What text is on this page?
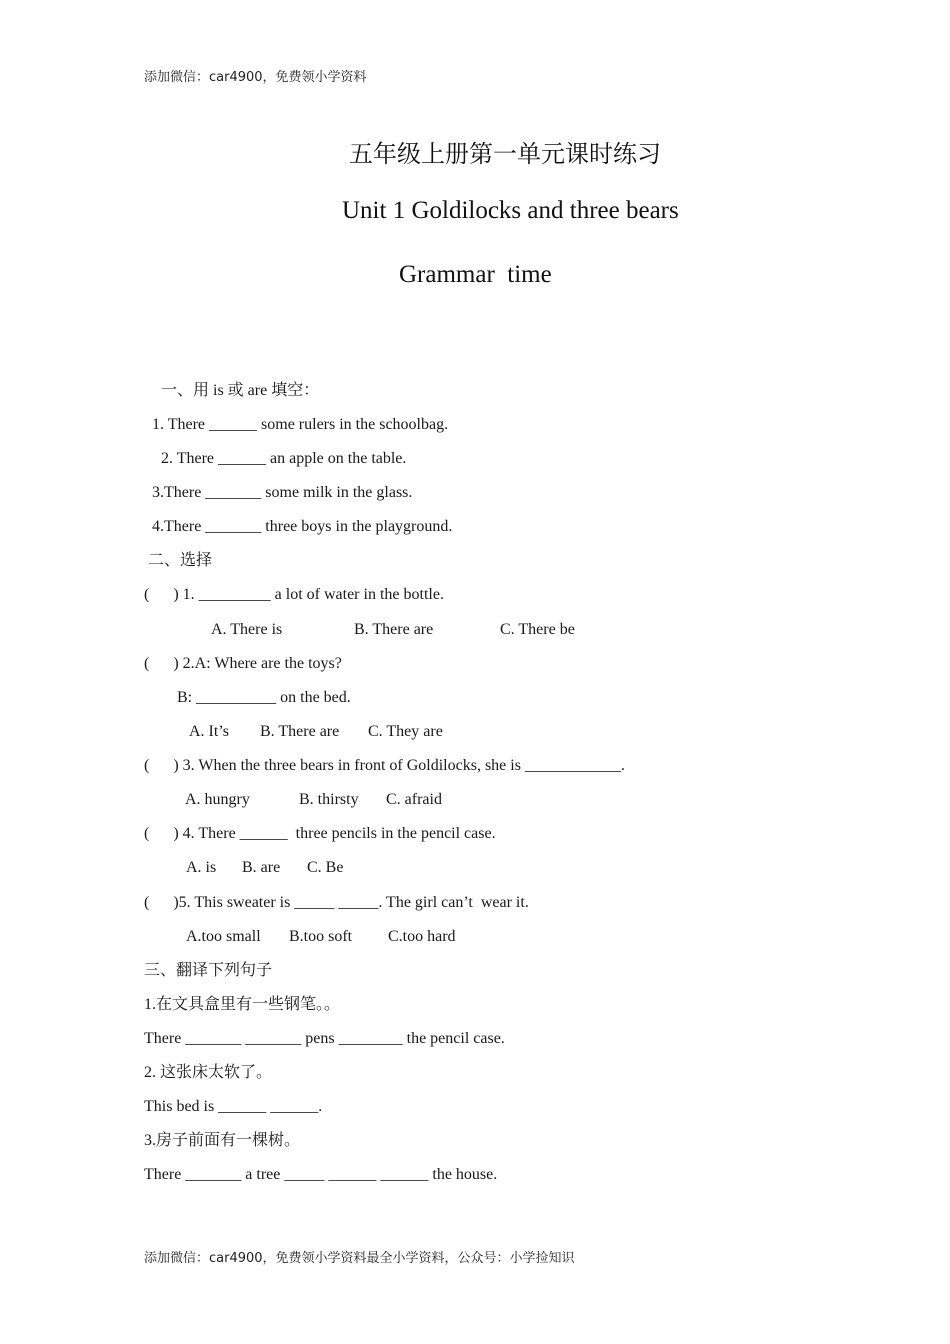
添加微信：car4900，免费领小学资料
五年级上册第一单元课时练习
Unit 1 Goldilocks and three bears
Grammar  time
一、用 is 或 are 填空：
1. There ______ some rulers in the schoolbag.
2. There ______ an apple on the table.
3.There _______ some milk in the glass.
4.There _______ three boys in the playground.
二、选择
(      ) 1. _________ a lot of water in the bottle.
A. There is	B. There are	C. There be
(      ) 2.A: Where are the toys?
B: __________ on the bed.
A. It’s B. There are C. They are
(      ) 3. When the three bears in front of Goldilocks, she is ____________.
A. hungry	B. thirsty C. afraid
(      ) 4. There ______  three pencils in the pencil case.
A. is B. are C. Be
(      )5. This sweater is _____ _____. The girl can’t  wear it.
A.too small B.too soft C.too hard
三、翻译下列句子
1.在文具盒里有一些钢笔。。
There _______ _______ pens ________ the pencil case.
2. 这张床太软了。
This bed is ______ ______.
3.房子前面有一棵树。
There _______ a tree _____ ______ ______ the house.
添加微信：car4900，免费领小学资料最全小学资料，公众号：小学捡知识
